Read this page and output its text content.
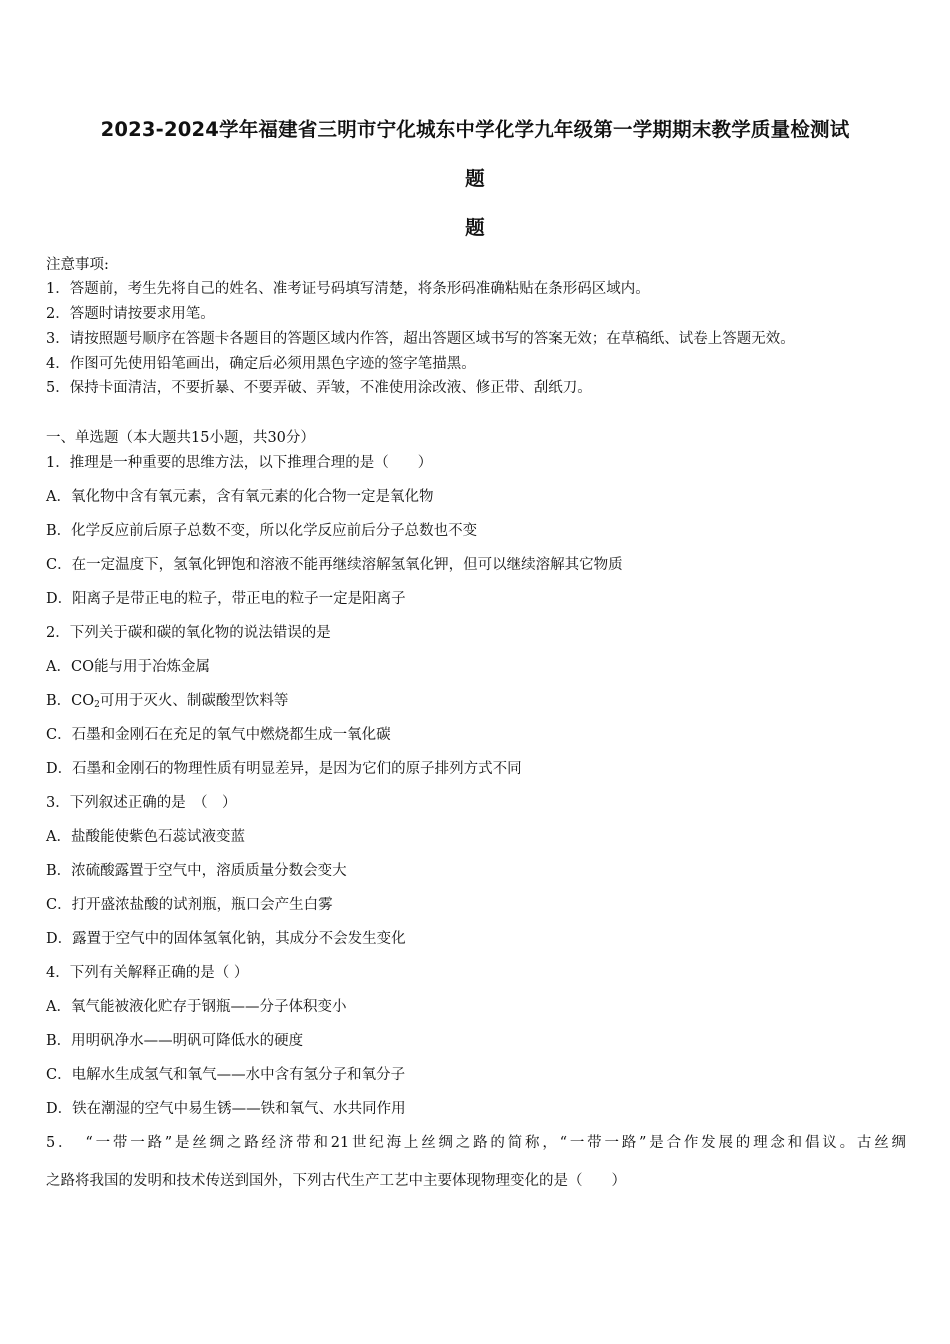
2023-2024学年福建省三明市宁化城东中学化学九年级第一学期期末教学质量检测试
题
题
注意事项:
1．答题前，考生先将自己的姓名、准考证号码填写清楚，将条形码准确粘贴在条形码区域内。
2．答题时请按要求用笔。
3．请按照题号顺序在答题卡各题目的答题区域内作答，超出答题区域书写的答案无效；在草稿纸、试卷上答题无效。
4．作图可先使用铅笔画出，确定后必须用黑色字迹的签字笔描黑。
5．保持卡面清洁，不要折暴、不要弄破、弄皱，不准使用涂改液、修正带、刮纸刀。
一、单选题（本大题共15小题，共30分）
1．推理是一种重要的思维方法，以下推理合理的是（　　）
A．氧化物中含有氧元素，含有氧元素的化合物一定是氧化物
B．化学反应前后原子总数不变，所以化学反应前后分子总数也不变
C．在一定温度下，氢氧化钾饱和溶液不能再继续溶解氢氧化钾，但可以继续溶解其它物质
D．阳离子是带正电的粒子，带正电的粒子一定是阳离子
2．下列关于碳和碳的氧化物的说法错误的是
A．CO能与用于冶炼金属
B．$CO_2$可用于灭火、制碳酸型饮料等
C．石墨和金刚石在充足的氧气中燃烧都生成一氧化碳
D．石墨和金刚石的物理性质有明显差异，是因为它们的原子排列方式不同
3．下列叙述正确的是　（　）
A．盐酸能使紫色石蕊试液变蓝
B．浓硫酸露置于空气中，溶质质量分数会变大
C．打开盛浓盐酸的试剂瓶，瓶口会产生白雾
D．露置于空气中的固体氢氧化钠，其成分不会发生变化
4．下列有关解释正确的是（ ）
A．氧气能被液化贮存于钢瓶——分子体积变小
B．用明矾净水——明矾可降低水的硬度
C．电解水生成氢气和氧气——水中含有氢分子和氧分子
D．铁在潮湿的空气中易生锈——铁和氧气、水共同作用
5．　“一带一路”是丝绸之路经济带和21世纪海上丝绸之路的简称，“一带一路”是合作发展的理念和倡议。古丝绸
之路将我国的发明和技术传送到国外，下列古代生产工艺中主要体现物理变化的是（　　）
